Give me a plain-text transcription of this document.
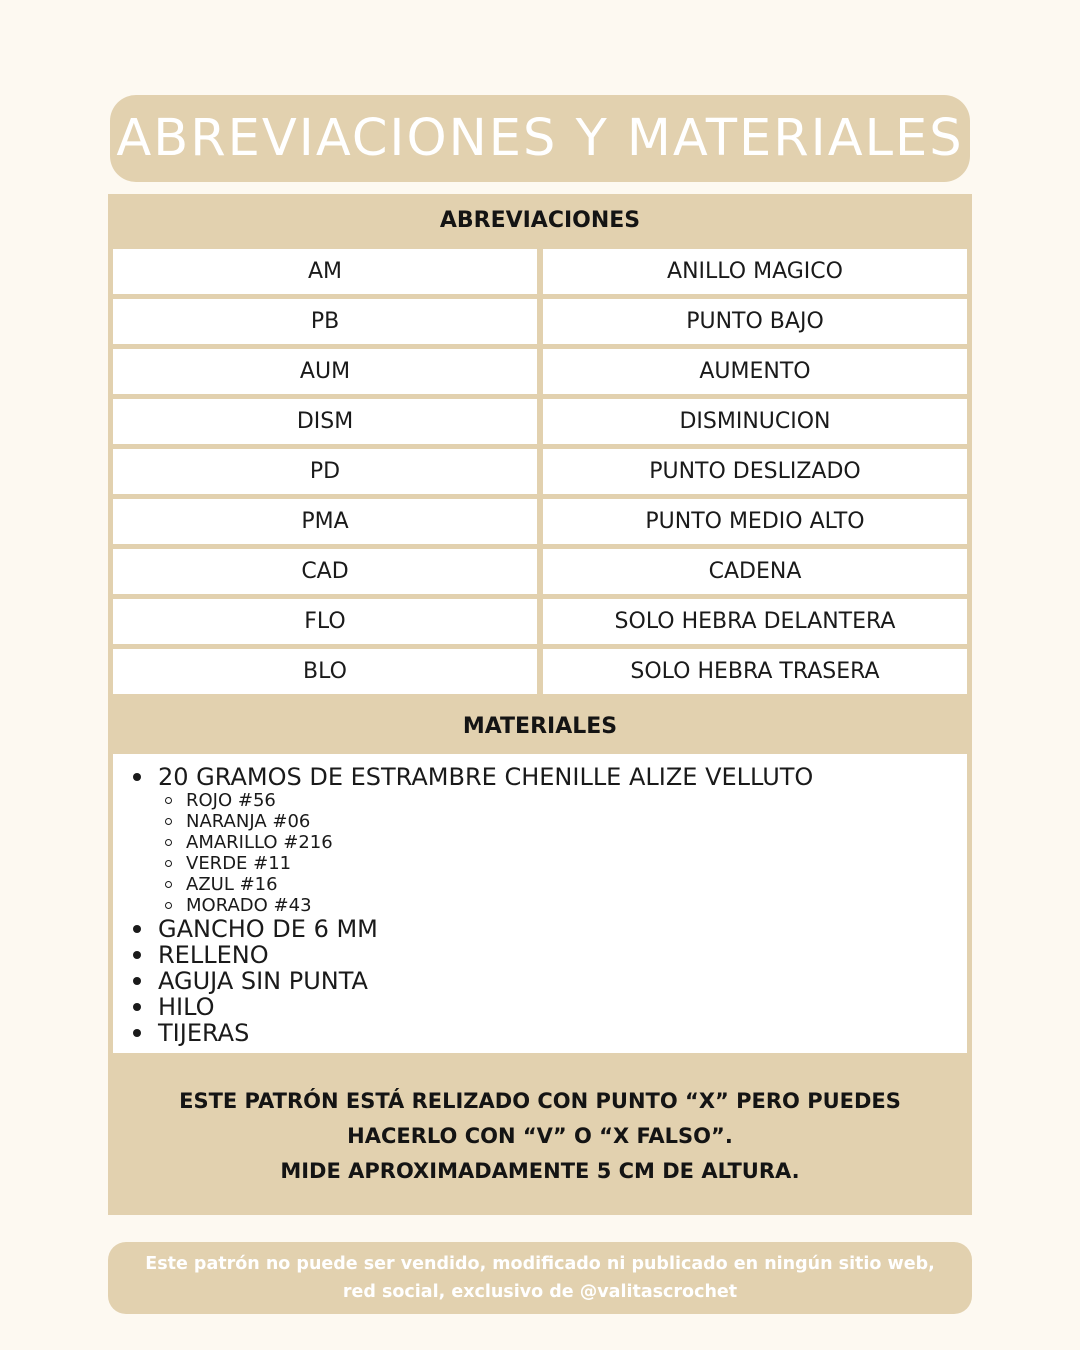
ABREVIACIONES Y MATERIALES
ABREVIACIONES
AM	ANILLO MAGICO
PB	PUNTO BAJO
AUM	AUMENTO
DISM	DISMINUCION
PD	PUNTO DESLIZADO
PMA	PUNTO MEDIO ALTO
CAD	CADENA
FLO	SOLO HEBRA DELANTERA
BLO	SOLO HEBRA TRASERA
MATERIALES
20 GRAMOS DE ESTRAMBRE CHENILLE ALIZE VELLUTO
ROJO #56
NARANJA #06
AMARILLO #216
VERDE #11
AZUL #16
MORADO #43
GANCHO DE 6 MM
RELLENO
AGUJA SIN PUNTA
HILO
TIJERAS
ESTE PATRÓN ESTÁ RELIZADO CON PUNTO “X” PERO PUEDES
HACERLO CON “V” O “X FALSO”.
MIDE APROXIMADAMENTE 5 CM DE ALTURA.
Este patrón no puede ser vendido, modificado ni publicado en ningún sitio web,
red social, exclusivo de @valitascrochet
